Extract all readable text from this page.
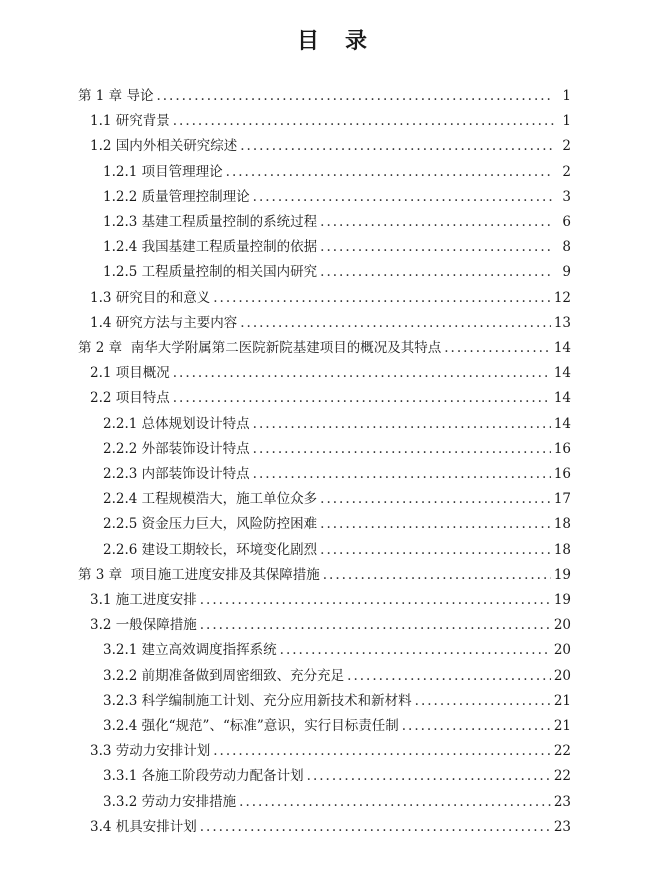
目　录
第 1 章 导论 .....	1
1.1 研究背景 .....	1
1.2 国内外相关研究综述 .....	2
1.2.1 项目管理理论 .....	2
1.2.2 质量管理控制理论 .....	3
1.2.3 基建工程质量控制的系统过程 .....	6
1.2.4 我国基建工程质量控制的依据 .....	8
1.2.5 工程质量控制的相关国内研究 .....	9
1.3 研究目的和意义 .....	12
1.4 研究方法与主要内容 .....	13
第 2 章 南华大学附属第二医院新院基建项目的概况及其特点 .....	14
2.1 项目概况 .....	14
2.2 项目特点 .....	14
2.2.1 总体规划设计特点 .....	14
2.2.2 外部装饰设计特点 .....	16
2.2.3 内部装饰设计特点 .....	16
2.2.4 工程规模浩大，施工单位众多 .....	17
2.2.5 资金压力巨大，风险防控困难 .....	18
2.2.6 建设工期较长，环境变化剧烈 .....	18
第 3 章 项目施工进度安排及其保障措施 .....	19
3.1 施工进度安排 .....	19
3.2 一般保障措施 .....	20
3.2.1 建立高效调度指挥系统 .....	20
3.2.2 前期准备做到周密细致、充分充足 .....	20
3.2.3 科学编制施工计划、充分应用新技术和新材料 .....	21
3.2.4 强化“规范”、“标准”意识，实行目标责任制 .....	21
3.3 劳动力安排计划 .....	22
3.3.1 各施工阶段劳动力配备计划 .....	22
3.3.2 劳动力安排措施 .....	23
3.4 机具安排计划 .....	23
